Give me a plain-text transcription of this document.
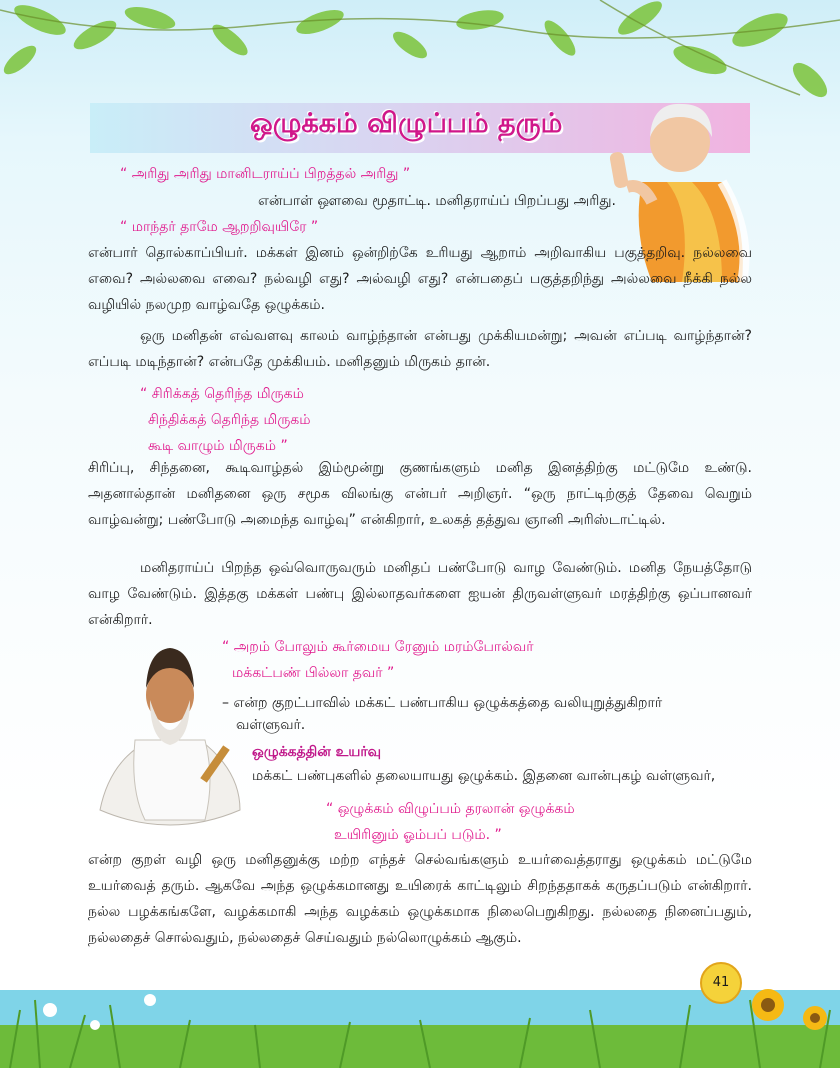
ஒழுக்கம் விழுப்பம் தரும்
“ அரிது அரிது மானிடராய்ப் பிறத்தல் அரிது ”
என்பாள் ஔவை மூதாட்டி. மனிதராய்ப் பிறப்பது அரிது.
“ மாந்தர் தாமே ஆறறிவுயிரே ”
என்பார் தொல்காப்பியர். மக்கள் இனம் ஒன்றிற்கே உரியது ஆறாம் அறிவாகிய பகுத்தறிவு. நல்லவை எவை? அல்லவை எவை? நல்வழி எது? அல்வழி எது? என்பதைப் பகுத்தறிந்து அல்லவை நீக்கி நல்ல வழியில் நலமுற வாழ்வதே ஒழுக்கம்.
ஒரு மனிதன் எவ்வளவு காலம் வாழ்ந்தான் என்பது முக்கியமன்று; அவன் எப்படி வாழ்ந்தான்? எப்படி மடிந்தான்? என்பதே முக்கியம். மனிதனும் மிருகம் தான்.
“ சிரிக்கத் தெரிந்த மிருகம்
சிந்திக்கத் தெரிந்த மிருகம்
கூடி வாழும் மிருகம் ”
சிரிப்பு, சிந்தனை, கூடிவாழ்தல் இம்மூன்று குணங்களும் மனித இனத்திற்கு மட்டுமே உண்டு. அதனால்தான் மனிதனை ஒரு சமூக விலங்கு என்பர் அறிஞர். “ஒரு நாட்டிற்குத் தேவை வெறும் வாழ்வன்று; பண்போடு அமைந்த வாழ்வு” என்கிறார், உலகத் தத்துவ ஞானி அரிஸ்டாட்டில்.
மனிதராய்ப் பிறந்த ஒவ்வொருவரும் மனிதப் பண்போடு வாழ வேண்டும். மனித நேயத்தோடு வாழ வேண்டும். இத்தகு மக்கள் பண்பு இல்லாதவர்களை ஐயன் திருவள்ளுவர் மரத்திற்கு ஒப்பானவர் என்கிறார்.
“ அறம் போலும் கூர்மைய ரேனும் மரம்போல்வர்
மக்கட்பண் பில்லா தவர் ”
– என்ற குறட்பாவில் மக்கட் பண்பாகிய ஒழுக்கத்தை வலியுறுத்துகிறார்
வள்ளுவர்.
ஒழுக்கத்தின் உயர்வு
மக்கட் பண்புகளில் தலையாயது ஒழுக்கம். இதனை வான்புகழ் வள்ளுவர்,
“ ஒழுக்கம் விழுப்பம் தரலான் ஒழுக்கம்
உயிரினும் ஓம்பப் படும். ”
என்ற குறள் வழி ஒரு மனிதனுக்கு மற்ற எந்தச் செல்வங்களும் உயர்வைத்தராது ஒழுக்கம் மட்டுமே உயர்வைத் தரும். ஆகவே அந்த ஒழுக்கமானது உயிரைக் காட்டிலும் சிறந்ததாகக் கருதப்படும் என்கிறார். நல்ல பழக்கங்களே, வழக்கமாகி அந்த வழக்கம் ஒழுக்கமாக நிலைபெறுகிறது. நல்லதை நினைப்பதும், நல்லதைச் சொல்வதும், நல்லதைச் செய்வதும் நல்லொழுக்கம் ஆகும்.
41
